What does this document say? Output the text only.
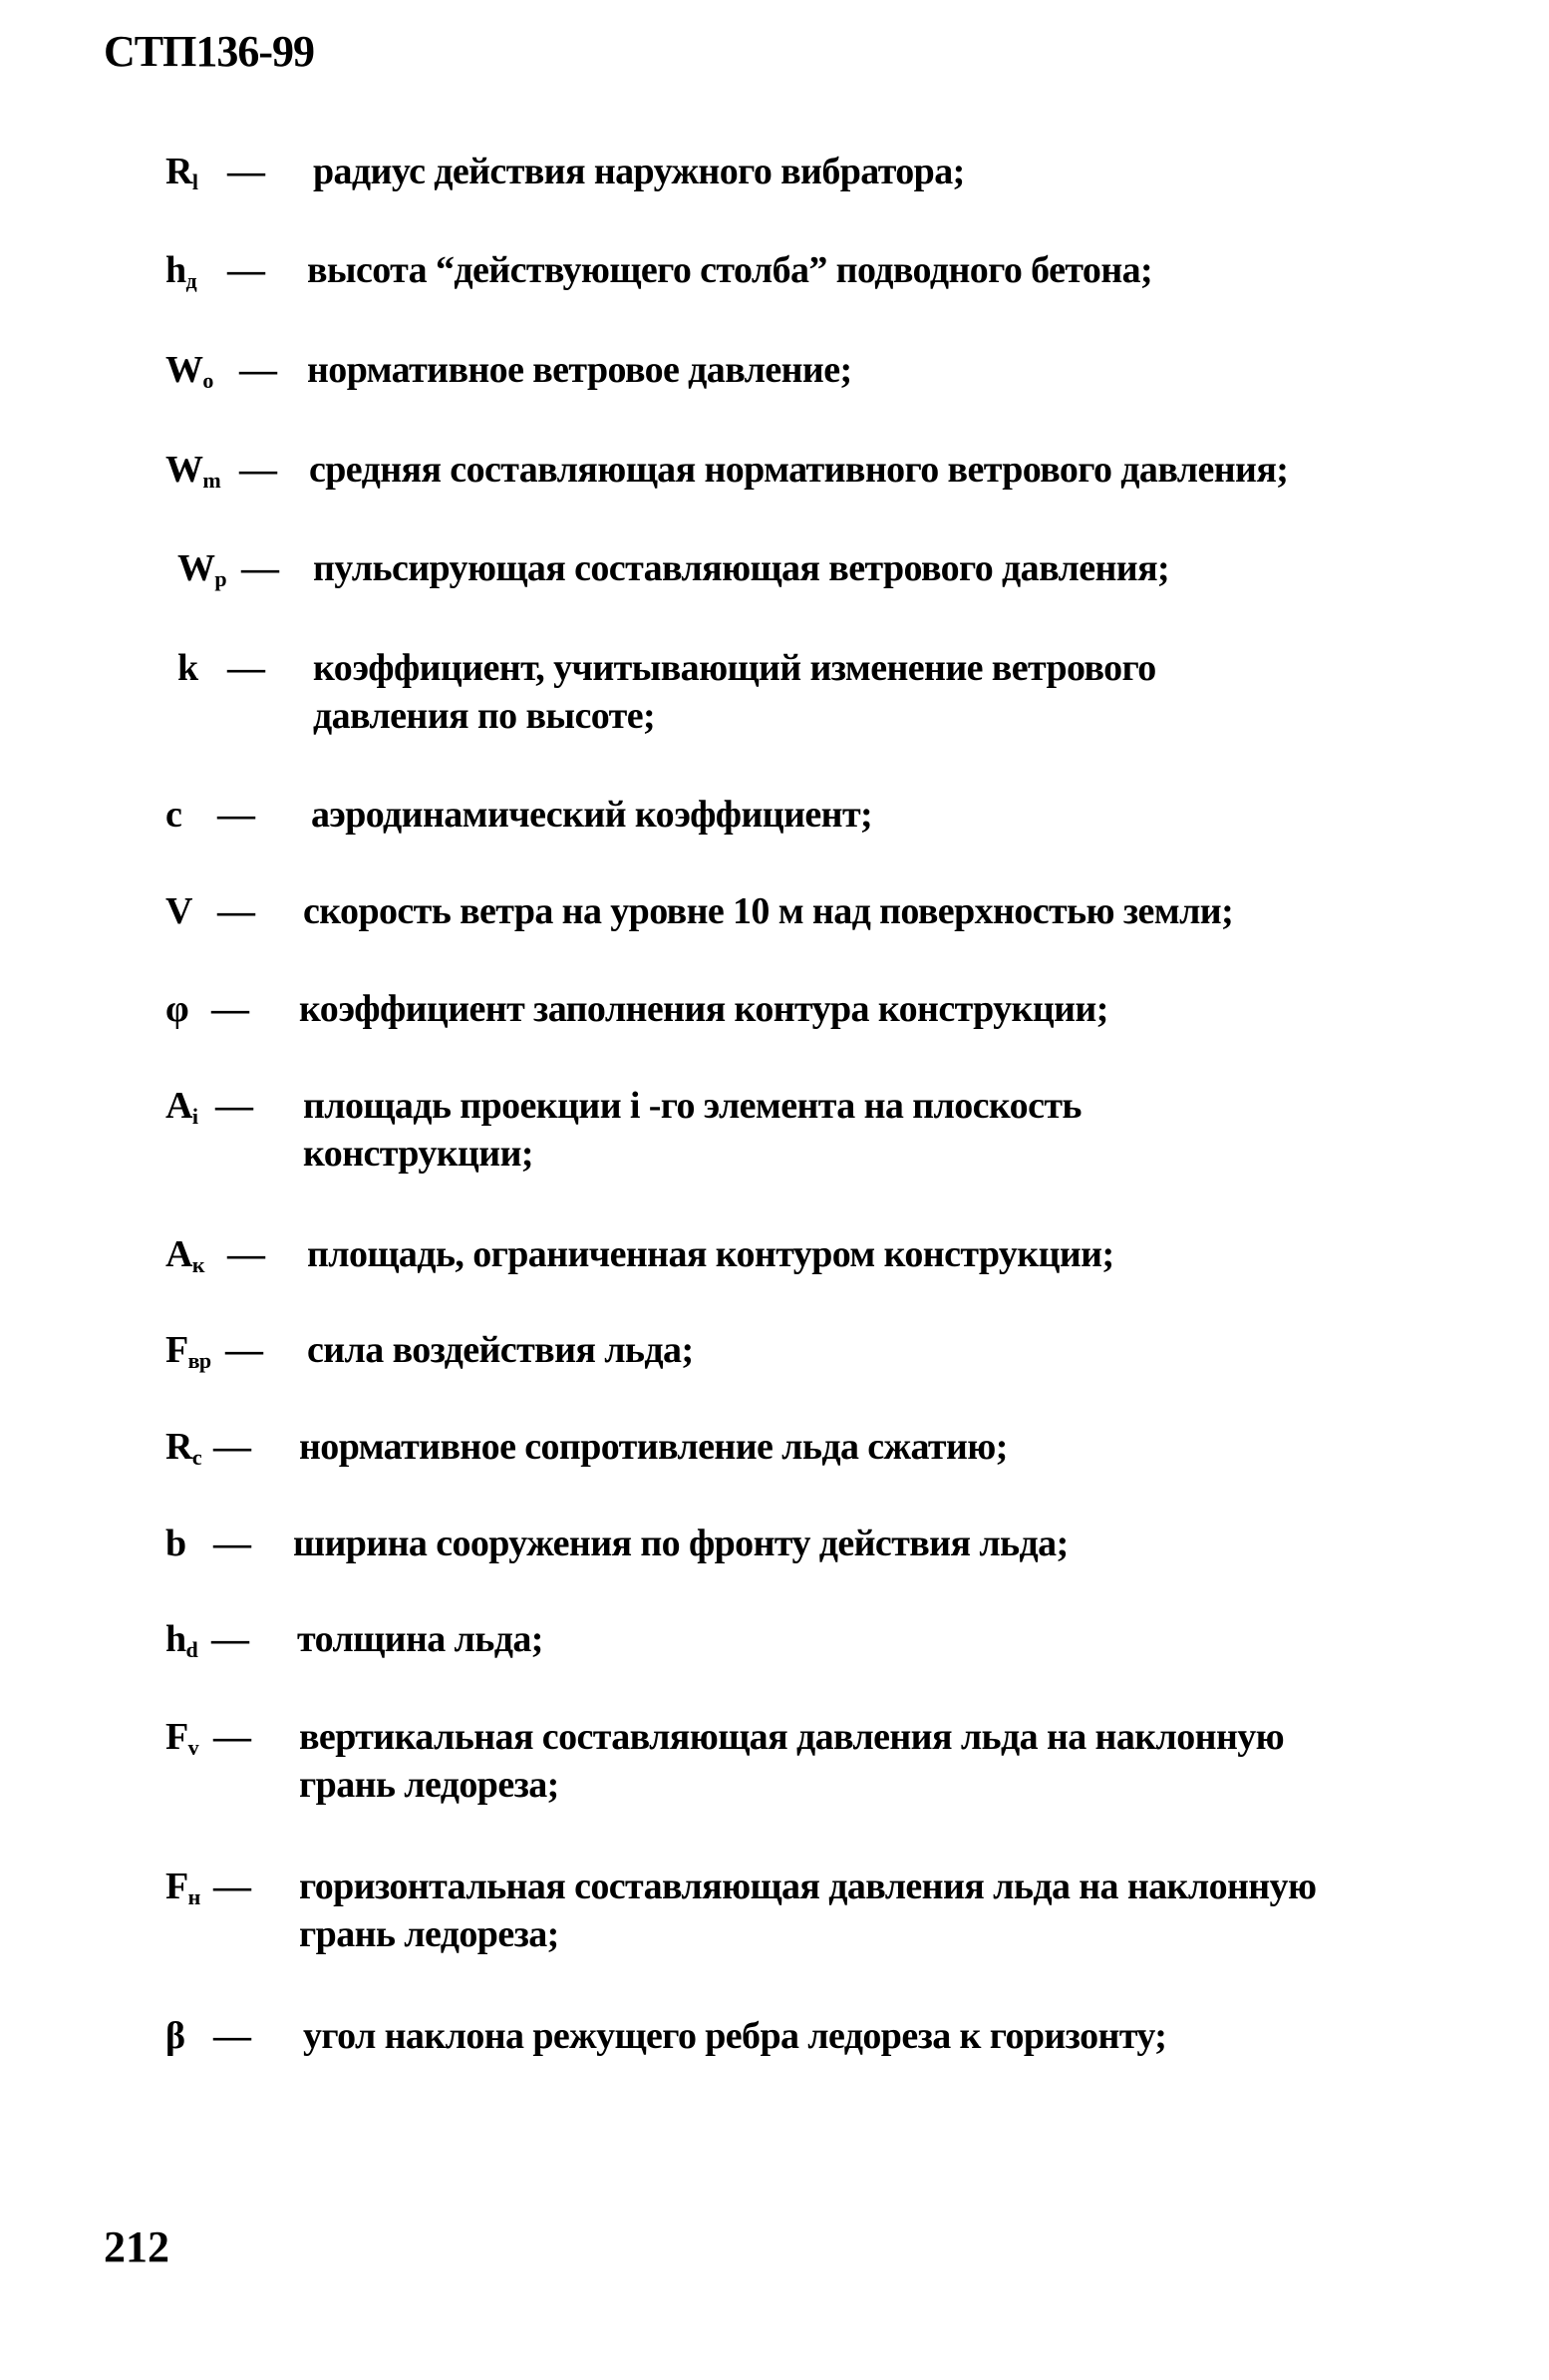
СТП136-99
$R_l$ — радиус действия наружного вибратора;
$h_д$ — высота “действующего столба” подводного бетона;
$W_o$ — нормативное ветровое давление;
$W_m$ — средняя составляющая нормативного ветрового давления;
$W_p$ — пульсирующая составляющая ветрового давления;
k — коэффициент, учитывающий изменение ветрового давления по высоте;
c — аэродинамический коэффициент;
V — скорость ветра на уровне 10 м над поверхностью земли;
φ — коэффициент заполнения контура конструкции;
$A_i$ — площадь проекции i -го элемента на плоскость конструкции;
$A_к$ — площадь, ограниченная контуром конструкции;
$F_{вр}$ — сила воздействия льда;
$R_c$ — нормативное сопротивление льда сжатию;
b — ширина сооружения по фронту действия льда;
$h_d$ — толщина льда;
$F_v$ — вертикальная составляющая давления льда на наклонную грань ледореза;
$F_н$ — горизонтальная составляющая давления льда на наклонную грань ледореза;
β — угол наклона режущего ребра ледореза к горизонту;
212
